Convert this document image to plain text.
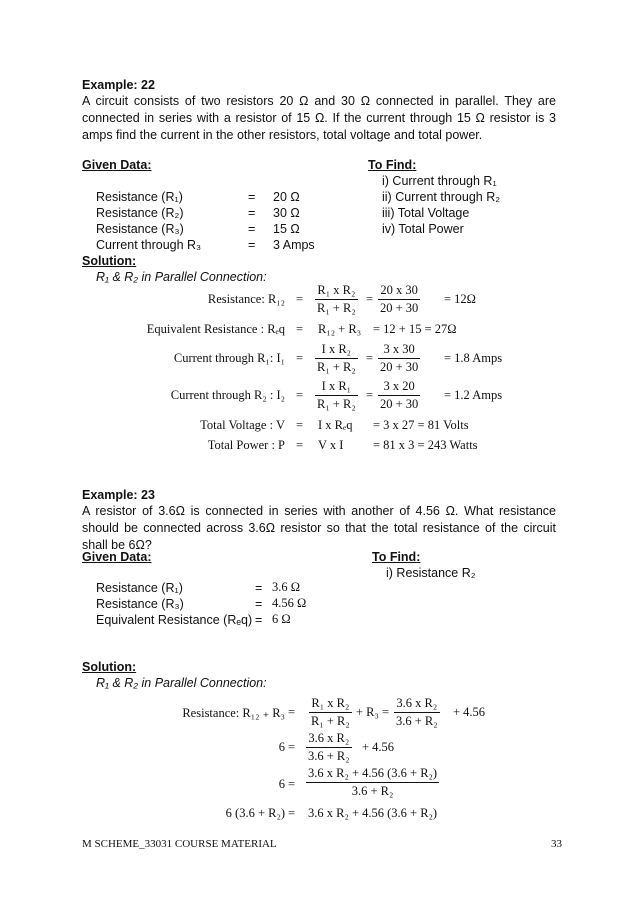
Example: 22
A circuit consists of two resistors 20 Ω and 30 Ω connected in parallel. They are connected in series with a resistor of 15 Ω. If the current through 15 Ω resistor is 3 amps find the current in the other resistors, total voltage and total power.
Given Data:	To Find:
Resistance (R₁)	= 20 Ω
Resistance (R₂)	= 30 Ω
Resistance (R₃)	= 15 Ω
Current through R₃	= 3 Amps
i) Current through R₁
ii) Current through R₂
iii) Total Voltage
iv) Total Power
Solution:
R₁ & R₂ in Parallel Connection:
Resistance: $R_{12} = \frac{\text{R₁ x R₂}}{\text{R₁ + R₂}} = \frac{20 x 30}{20 + 30} = 12\Omega$
Equivalent Resistance : Rₑq = R₁₂ + R₃ = 12 + 15 = 27Ω
Current through R₁: $I_1 = \frac{\text{I x R₂}}{\text{R₁ + R₂}} = \frac{3 x 30}{20 + 30} = 1.8$ Amps
Current through R₂ : $I_2 = \frac{\text{I x R₁}}{\text{R₁ + R₂}} = \frac{3 x 20}{20 + 30} = 1.2$ Amps
Total Voltage : V = I x Rₑq = 3 x 27 = 81 Volts
Total Power : P = V x I = 81 x 3 = 243 Watts
Example: 23
A resistor of 3.6Ω is connected in series with another of 4.56 Ω. What resistance should be connected across 3.6Ω resistor so that the total resistance of the circuit shall be 6Ω?
Given Data:	To Find:
i) Resistance R₂
Resistance (R₁)	= 3.6 Ω
Resistance (R₃)	= 4.56 Ω
Equivalent Resistance (Rₑq) = 6 Ω
Solution:
R₁ & R₂ in Parallel Connection:
Resistance: R₁₂ ₊ $R_3 = \frac{\text{R₁ x R₂}}{\text{R₁ + R₂}} + R_3 = \frac{\text{3.6 x R₂}}{\text{3.6 + R₂}} + 4.56$
$6 = \frac{\text{3.6 x R₂}}{\text{3.6 + R₂}} + 4.56$
$6 = \frac{\text{3.6 x R₂ + 4.56 (3.6 + R₂)}}{\text{3.6 + R₂}}$
6 (3.6 + R₂) = 3.6 x R₂ + 4.56 (3.6 + R₂)
M SCHEME_33031 COURSE MATERIAL	33
